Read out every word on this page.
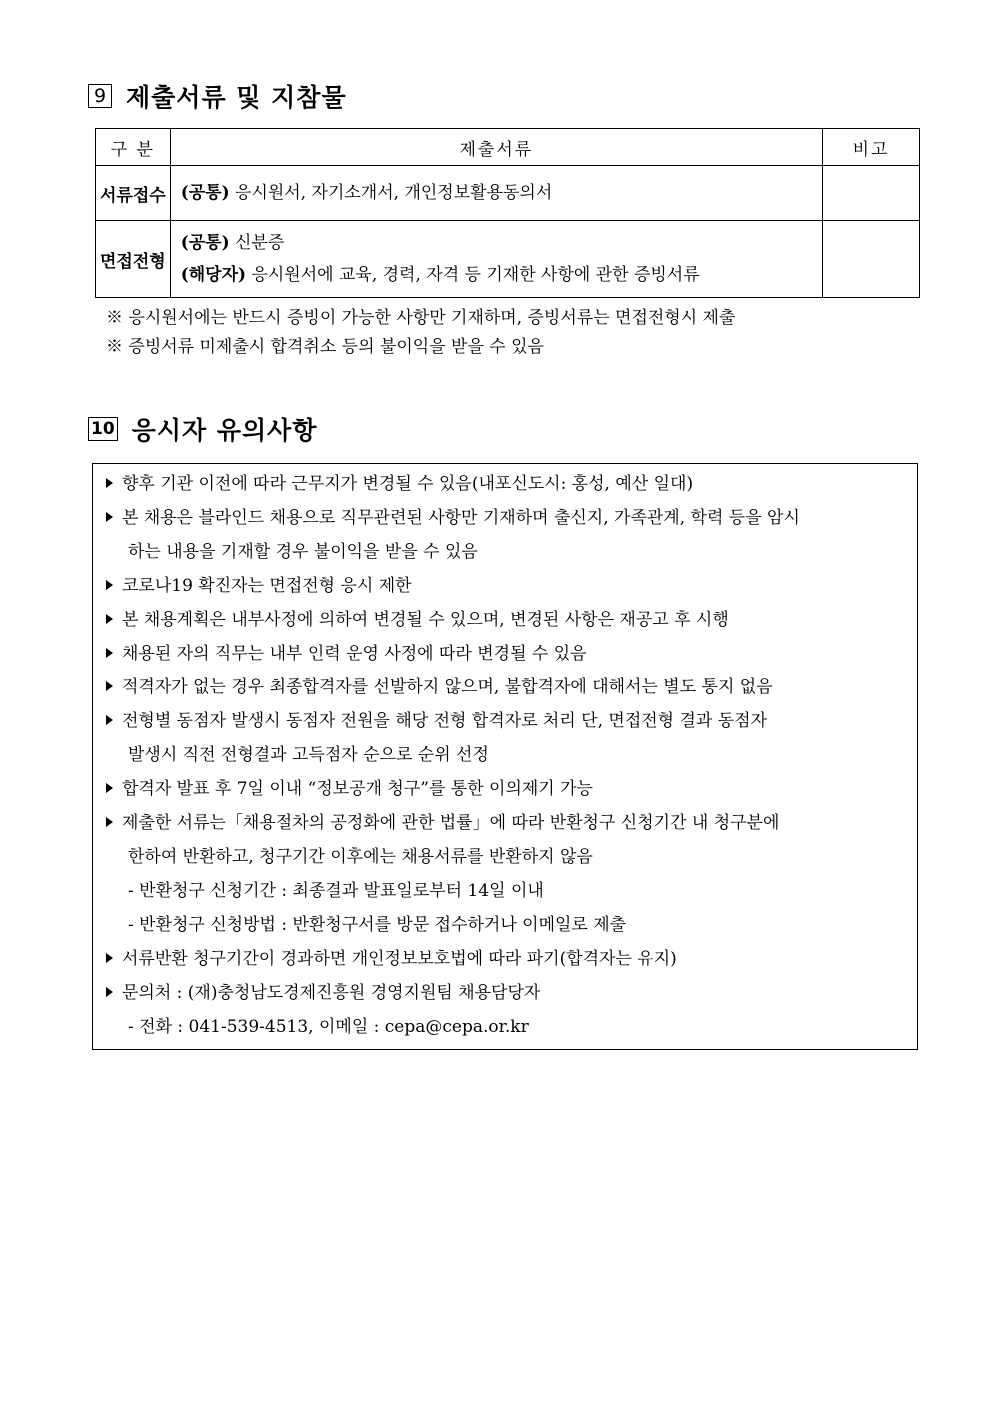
9 제출서류 및 지참물
구 분	제출서류	비고
서류접수	(공통) 응시원서, 자기소개서, 개인정보활용동의서	

면접전형	(공통) 신분증
(해당자) 응시원서에 교육, 경력, 자격 등 기재한 사항에 관한 증빙서류	

※ 응시원서에는 반드시 증빙이 가능한 사항만 기재하며, 증빙서류는 면접전형시 제출
※ 증빙서류 미제출시 합격취소 등의 불이익을 받을 수 있음
10 응시자 유의사항
향후 기관 이전에 따라 근무지가 변경될 수 있음(내포신도시: 홍성, 예산 일대)
본 채용은 블라인드 채용으로 직무관련된 사항만 기재하며 출신지, 가족관계, 학력 등을 암시
하는 내용을 기재할 경우 불이익을 받을 수 있음
코로나19 확진자는 면접전형 응시 제한
본 채용계획은 내부사정에 의하여 변경될 수 있으며, 변경된 사항은 재공고 후 시행
채용된 자의 직무는 내부 인력 운영 사정에 따라 변경될 수 있음
적격자가 없는 경우 최종합격자를 선발하지 않으며, 불합격자에 대해서는 별도 통지 없음
전형별 동점자 발생시 동점자 전원을 해당 전형 합격자로 처리 단, 면접전형 결과 동점자
발생시 직전 전형결과 고득점자 순으로 순위 선정
합격자 발표 후 7일 이내 “정보공개 청구”를 통한 이의제기 가능
제출한 서류는「채용절차의 공정화에 관한 법률」에 따라 반환청구 신청기간 내 청구분에
한하여 반환하고, 청구기간 이후에는 채용서류를 반환하지 않음
- 반환청구 신청기간 : 최종결과 발표일로부터 14일 이내
- 반환청구 신청방법 : 반환청구서를 방문 접수하거나 이메일로 제출
서류반환 청구기간이 경과하면 개인정보보호법에 따라 파기(합격자는 유지)
문의처 : (재)충청남도경제진흥원 경영지원팀 채용담당자
- 전화 : 041-539-4513, 이메일 : cepa@cepa.or.kr
